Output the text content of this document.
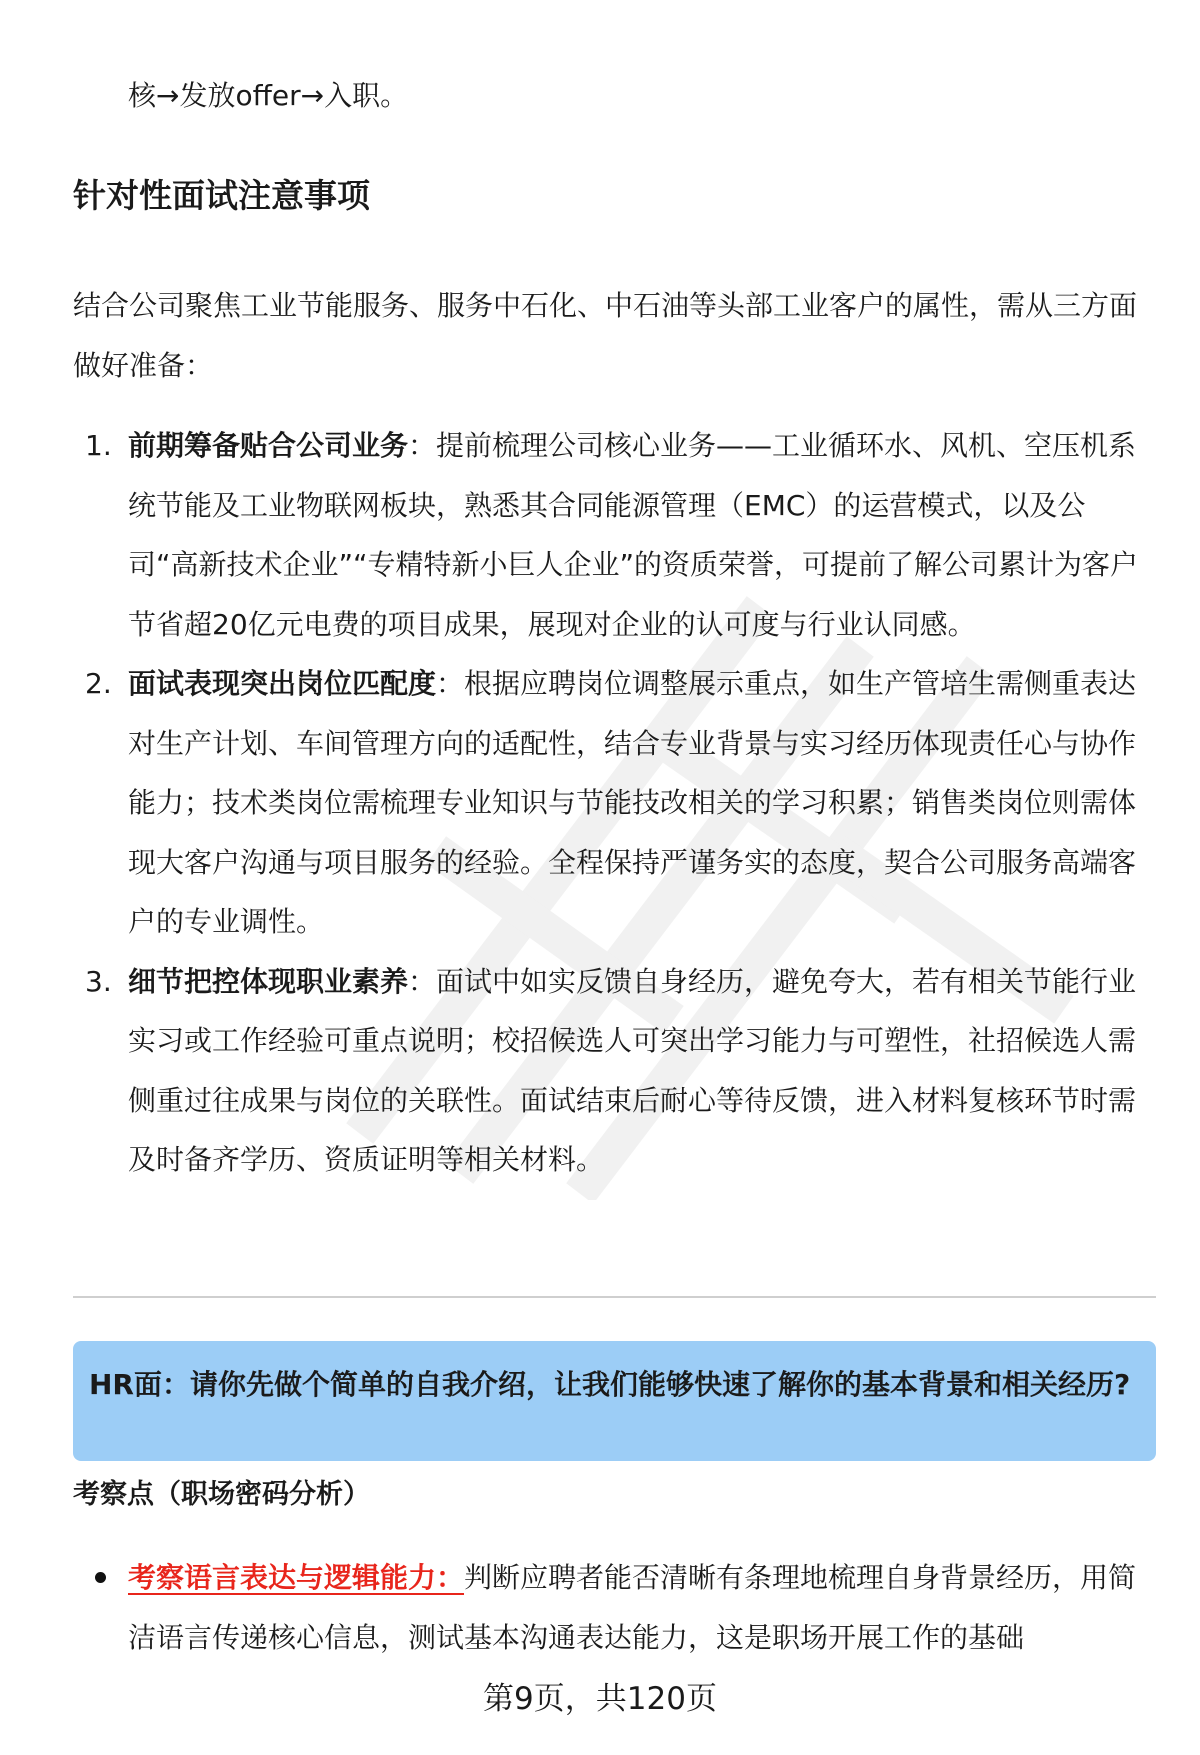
核→发放offer→入职。
针对性面试注意事项

结合公司聚焦工业节能服务、服务中石化、中石油等头部工业客户的属性，需从三方面做好准备：

1. 前期筹备贴合公司业务：提前梳理公司核心业务——工业循环水、风机、空压机系统节能及工业物联网板块，熟悉其合同能源管理（EMC）的运营模式，以及公司“高新技术企业”“专精特新小巨人企业”的资质荣誉，可提前了解公司累计为客户节省超20亿元电费的项目成果，展现对企业的认可度与行业认同感。
2. 面试表现突出岗位匹配度：根据应聘岗位调整展示重点，如生产管培生需侧重表达对生产计划、车间管理方向的适配性，结合专业背景与实习经历体现责任心与协作能力；技术类岗位需梳理专业知识与节能技改相关的学习积累；销售类岗位则需体现大客户沟通与项目服务的经验。全程保持严谨务实的态度，契合公司服务高端客户的专业调性。
3. 细节把控体现职业素养：面试中如实反馈自身经历，避免夸大，若有相关节能行业实习或工作经验可重点说明；校招候选人可突出学习能力与可塑性，社招候选人需侧重过往成果与岗位的关联性。面试结束后耐心等待反馈，进入材料复核环节时需及时备齐学历、资质证明等相关材料。
HR面：请你先做个简单的自我介绍，让我们能够快速了解你的基本背景和相关经历?
考察点（职场密码分析）
考察语言表达与逻辑能力：判断应聘者能否清晰有条理地梳理自身背景经历，用简洁语言传递核心信息，测试基本沟通表达能力，这是职场开展工作的基础
第9页，共120页
